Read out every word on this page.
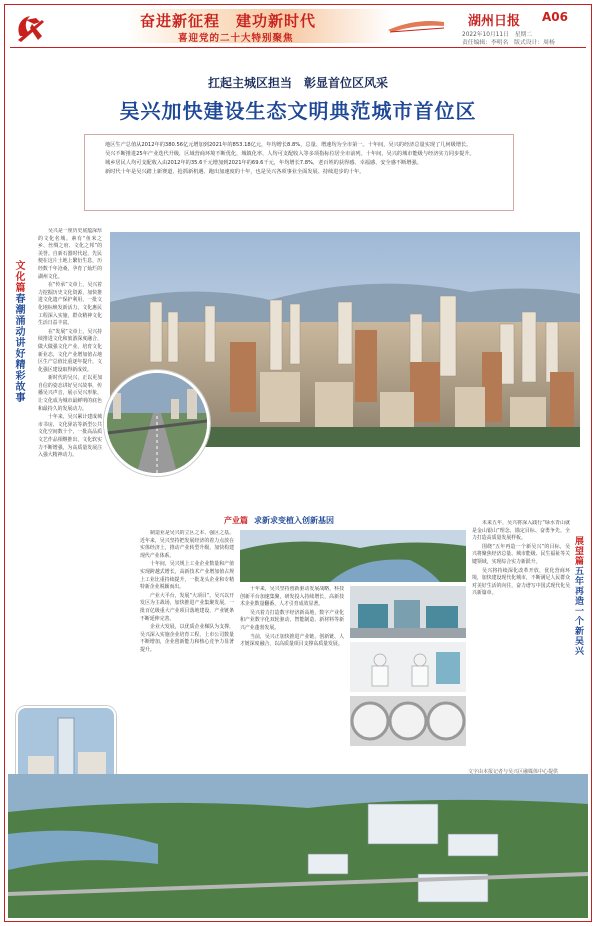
奋进新征程　建功新时代
喜迎党的二十大特别聚焦
湖州日报 A06
2022年10月11日　星期二
责任编辑：李明名　版式设计：周杨
扛起主城区担当　彰显首位区风采
吴兴加快建设生态文明典范城市首位区

地区生产总值从2012年的380.56亿元增加到2021年的853.18亿元，年均增长8.8%，总量、增速均为全市第一。十年间，吴兴的经济总量实现了几何级增长。

吴兴不断推进25年产业迭代升级，区域营商环境不断优化，城镇化率、人均可支配收入等多项指标位居全市前列。十年间，吴兴的城市能级与经济实力同步提升。

城乡居民人均可支配收入由2012年的35.6千元增加到2021年的69.6千元，年均增长7.8%，老百姓的获得感、幸福感、安全感不断增强。

新时代十年是吴兴踏上新赛道、抢抓新机遇、跑出加速度的十年，也是吴兴各项事业全面发展、持续进步的十年。

吴兴是一座历史底蕴深厚的文化名城。素有“鱼米之乡、丝绸之府、文化之邦”的美誉。自新石器时代起，先民便在这片土地上繁衍生息，历经数千年沧桑，孕育了灿烂的湖州文化。

在“传承”文章上，吴兴着力挖掘历史文化资源，加快推进文化遗产保护利用，一批文化地标焕发新活力，文化惠民工程深入实施，群众精神文化生活日益丰富。

在“发展”文章上，吴兴持续推进文化和旅游深度融合，做大做强文化产业，培育文化新业态，文化产业增加值占地区生产总值比重逐年提升，文化强区建设取得新成效。

新时代的吴兴，正以更加自信的姿态讲好吴兴故事，传播吴兴声音，展示吴兴形象，让文化成为城市最鲜明的底色和最持久的发展动力。

十年来，吴兴累计建成城市书房、文化驿站等新型公共文化空间数十个，一批高品质文艺作品相继推出，文化软实力不断增强，为高质量发展注入强大精神动力。

文化篇春潮涌动讲好精彩故事
产业篇 求新求变植入创新基因

制造业是吴兴的立区之本、强区之基。近年来，吴兴坚持把发展经济的着力点放在实体经济上，推动产业转型升级，加快构建现代产业体系。

十年间，吴兴规上工业企业数量和产值实现跨越式增长，高新技术产业增加值占规上工业比重持续提升，一批龙头企业和专精特新企业脱颖而出。

产业大平台，发展“大项目”。吴兴以开发区为主战场，加快推进产业集聚发展，一批百亿级重大产业项目落地建设，产业链条不断延伸完善。

企业大发展，以优质企业梯队为支撑，吴兴深入实施企业培育工程，上市公司数量不断增加，企业创新能力和核心竞争力显著提升。

十年来，吴兴坚持创新驱动发展战略，科技创新平台加速集聚，研发投入持续增长，高新技术企业数量翻番，人才引育成效显著。

吴兴着力打造数字经济新高地，数字产业化和产业数字化双轮驱动，智能制造、新材料等新兴产业蓬勃发展。

当前，吴兴正加快推进产业链、创新链、人才链深度融合，以高质量项目支撑高质量发展。

未来五年，吴兴将深入践行“绿水青山就是金山银山”理念，锚定目标、奋勇争先，全力打造高质量发展样板。

围绕“五年再造一个新吴兴”的目标，吴兴将聚焦经济总量、城市能级、民生福祉等关键领域，实现综合实力新跃升。

吴兴将持续深化改革开放，优化营商环境，加快建设现代化城市，不断满足人民群众对美好生活的向往，奋力谱写中国式现代化吴兴新篇章。

展望篇五年再造一个新吴兴
文字由本报记者与吴兴区融媒体中心提供
